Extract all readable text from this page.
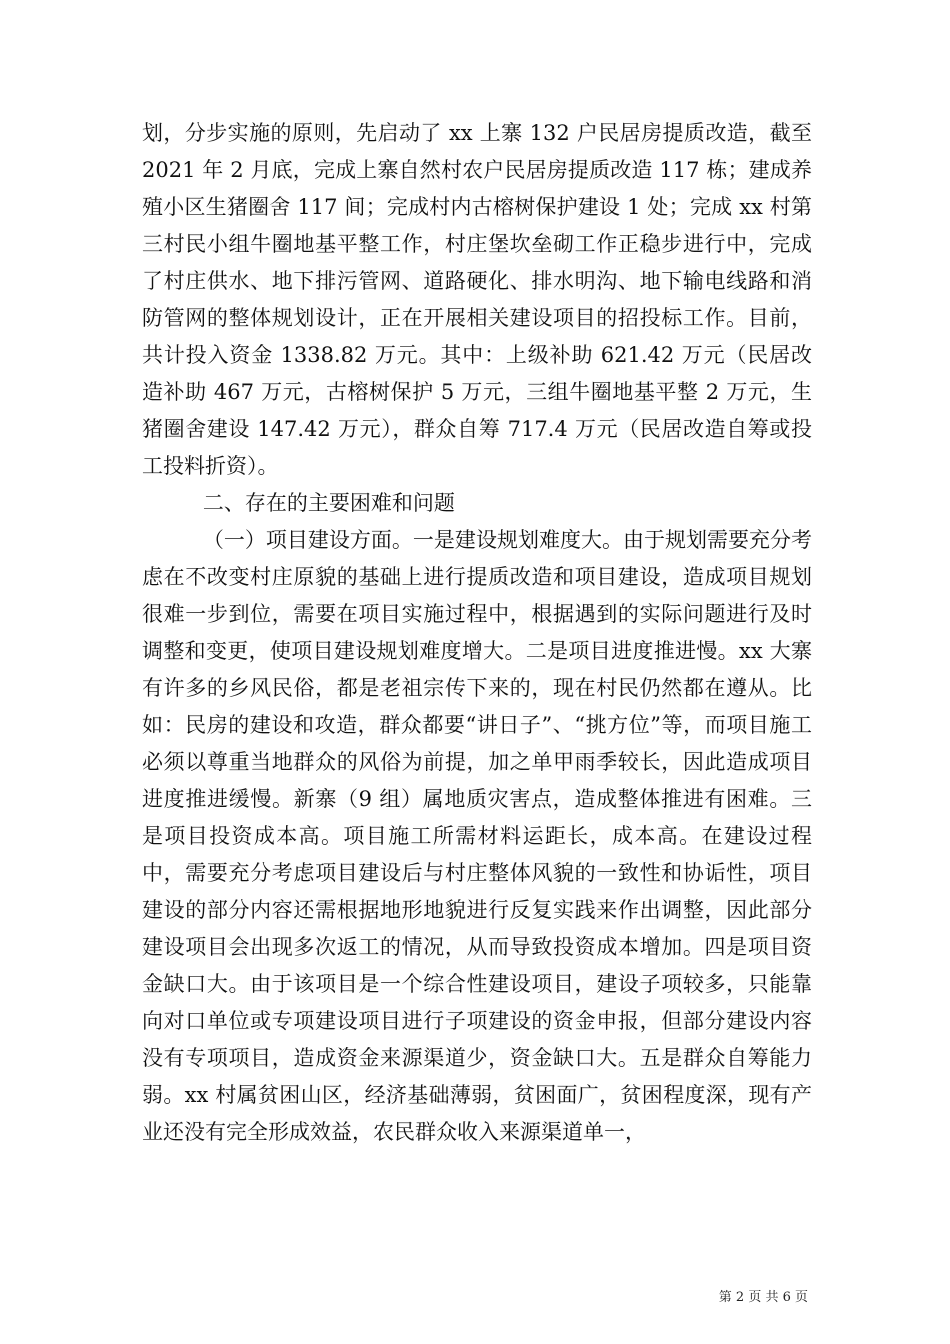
划，分步实施的原则，先启动了 xx 上寨 132 户民居房提质改造，截至 2021 年 2 月底，完成上寨自然村农户民居房提质改造 117 栋；建成养殖小区生猪圈舍 117 间；完成村内古榕树保护建设 1 处；完成 xx 村第三村民小组牛圈地基平整工作，村庄堡坎垒砌工作正稳步进行中，完成了村庄供水、地下排污管网、道路硬化、排水明沟、地下输电线路和消防管网的整体规划设计，正在开展相关建设项目的招投标工作。目前，共计投入资金 1338.82 万元。其中：上级补助 621.42 万元（民居改造补助 467 万元，古榕树保护 5 万元，三组牛圈地基平整 2 万元，生猪圈舍建设 147.42 万元），群众自筹 717.4 万元（民居改造自筹或投工投料折资）。

二、存在的主要困难和问题

（一）项目建设方面。一是建设规划难度大。由于规划需要充分考虑在不改变村庄原貌的基础上进行提质改造和项目建设，造成项目规划很难一步到位，需要在项目实施过程中，根据遇到的实际问题进行及时调整和变更，使项目建设规划难度增大。二是项目进度推进慢。xx 大寨有许多的乡风民俗，都是老祖宗传下来的，现在村民仍然都在遵从。比如：民房的建设和攻造，群众都要“讲日子”、“挑方位”等，而项目施工必须以尊重当地群众的风俗为前提，加之单甲雨季较长，因此造成项目进度推进缓慢。新寨（9 组）属地质灾害点，造成整体推进有困难。三是项目投资成本高。项目施工所需材料运距长，成本高。在建设过程中，需要充分考虑项目建设后与村庄整体风貌的一致性和协诟性，项目建设的部分内容还需根据地形地貌进行反复实践来作出调整，因此部分建设项目会出现多次返工的情况，从而导致投资成本增加。四是项目资金缺口大。由于该项目是一个综合性建设项目，建设子项较多，只能靠向对口单位或专项建设项目进行子项建设的资金申报，但部分建设内容没有专项项目，造成资金来源渠道少，资金缺口大。五是群众自筹能力弱。xx 村属贫困山区，经济基础薄弱，贫困面广，贫困程度深，现有产业还没有完全形成效益，农民群众收入来源渠道单一，

第 2 页 共 6 页
